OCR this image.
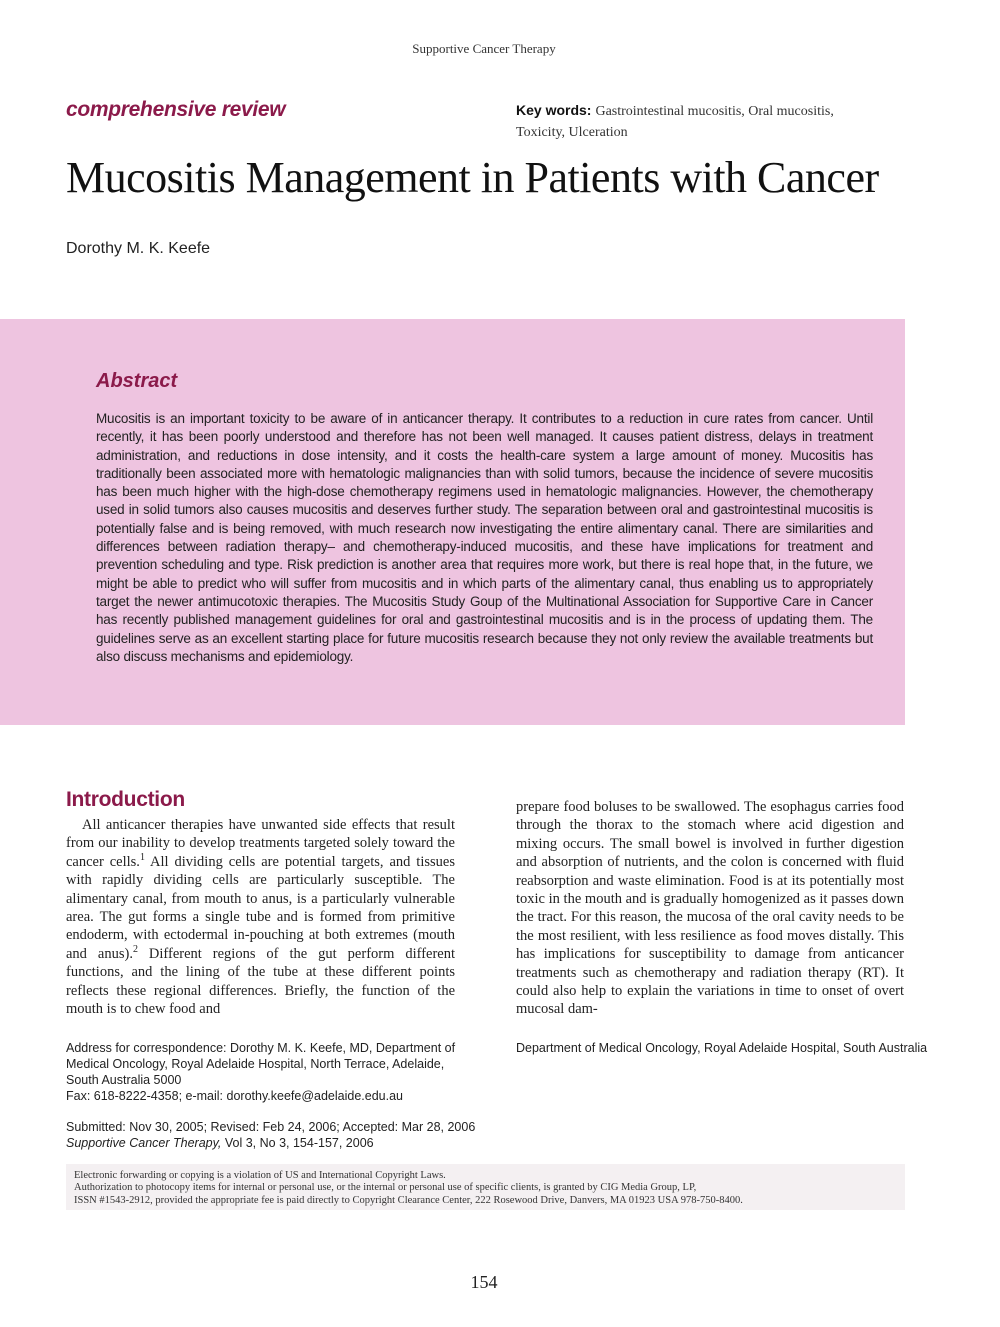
Supportive Cancer Therapy
comprehensive review	Key words: Gastrointestinal mucositis, Oral mucositis, Toxicity, Ulceration
Mucositis Management in Patients with Cancer
Dorothy M. K. Keefe
Abstract
Mucositis is an important toxicity to be aware of in anticancer therapy. It contributes to a reduction in cure rates from cancer. Until recently, it has been poorly understood and therefore has not been well managed. It causes patient distress, delays in treatment administration, and reductions in dose intensity, and it costs the health-care system a large amount of money. Mucositis has traditionally been associated more with hematologic malignancies than with solid tumors, because the incidence of severe mucositis has been much higher with the high-dose chemotherapy regimens used in hematologic malignancies. However, the chemotherapy used in solid tumors also causes mucositis and deserves further study. The separation between oral and gastrointestinal mucositis is potentially false and is being removed, with much research now investigating the entire alimentary canal. There are similarities and differences between radiation therapy– and chemotherapy-induced mucositis, and these have implications for treatment and prevention scheduling and type. Risk prediction is another area that requires more work, but there is real hope that, in the future, we might be able to predict who will suffer from mucositis and in which parts of the alimentary canal, thus enabling us to appropriately target the newer antimucotoxic therapies. The Mucositis Study Goup of the Multinational Association for Supportive Care in Cancer has recently published management guidelines for oral and gastrointestinal mucositis and is in the process of updating them. The guidelines serve as an excellent starting place for future mucositis research because they not only review the available treatments but also discuss mechanisms and epidemiology.
Introduction

All anticancer therapies have unwanted side effects that result from our inability to develop treatments targeted solely toward the cancer cells.$^1$ All dividing cells are potential targets, and tissues with rapidly dividing cells are particularly susceptible. The alimentary canal, from mouth to anus, is a particularly vulnerable area. The gut forms a single tube and is formed from primitive endoderm, with ectodermal in-pouching at both extremes (mouth and anus).$^2$ Different regions of the gut perform different functions, and the lining of the tube at these different points reflects these regional differences. Briefly, the function of the mouth is to chew food and

prepare food boluses to be swallowed. The esophagus carries food through the thorax to the stomach where acid digestion and mixing occurs. The small bowel is involved in further digestion and absorption of nutrients, and the colon is concerned with fluid reabsorption and waste elimination. Food is at its potentially most toxic in the mouth and is gradually homogenized as it passes down the tract. For this reason, the mucosa of the oral cavity needs to be the most resilient, with less resilience as food moves distally. This has implications for susceptibility to damage from anticancer treatments such as chemotherapy and radiation therapy (RT). It could also help to explain the variations in time to onset of overt mucosal dam-

Address for correspondence: Dorothy M. K. Keefe, MD, Department of
Medical Oncology, Royal Adelaide Hospital, North Terrace, Adelaide,
South Australia 5000
Fax: 618-8222-4358; e-mail: dorothy.keefe@adelaide.edu.au
Department of Medical Oncology, Royal Adelaide Hospital, South Australia
Submitted: Nov 30, 2005; Revised: Feb 24, 2006; Accepted: Mar 28, 2006
Supportive Cancer Therapy, Vol 3, No 3, 154-157, 2006
Electronic forwarding or copying is a violation of US and International Copyright Laws.
Authorization to photocopy items for internal or personal use, or the internal or personal use of specific clients, is granted by CIG Media Group, LP,
ISSN #1543-2912, provided the appropriate fee is paid directly to Copyright Clearance Center, 222 Rosewood Drive, Danvers, MA 01923 USA 978-750-8400.
154
